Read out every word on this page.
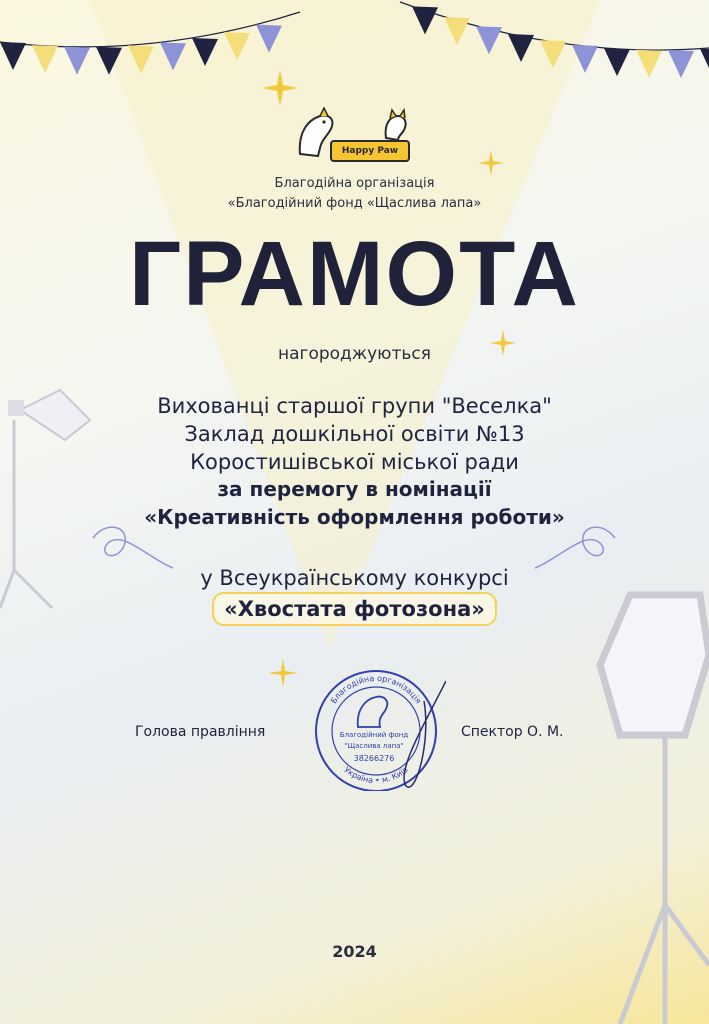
Happy Paw
Благодійна організація
«Благодійний фонд «Щаслива лапа»
ГРАМОТА
нагороджуються
Вихованці старшої групи "Веселка"
Заклад дошкільної освіти №13
Коростишівської міської ради
за перемогу в номінації
«Креативність оформлення роботи»
у Всеукраїнському конкурсі
«Хвостата фотозона»
Голова правління	Спектор О. М.
Благодійна організація
Україна • м. Київ
Благодійний фонд
"Щаслива лапа"
38266276
2024
